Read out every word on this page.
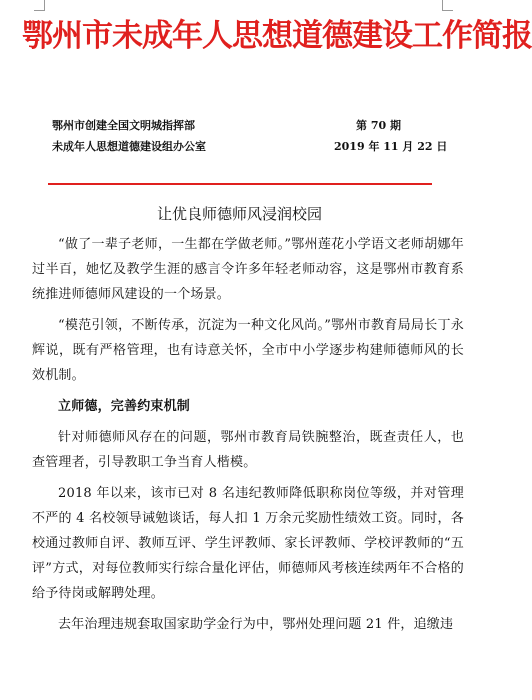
鄂州市未成年人思想道德建设工作简报
鄂州市创建全国文明城指挥部	第 70 期
未成年人思想道德建设组办公室	2019 年 11 月 22 日
让优良师德师风浸润校园

“做了一辈子老师，一生都在学做老师。”鄂州莲花小学语文老师胡娜年过半百，她忆及教学生涯的感言令许多年轻老师动容，这是鄂州市教育系统推进师德师风建设的一个场景。

“模范引领，不断传承，沉淀为一种文化风尚。”鄂州市教育局局长丁永辉说，既有严格管理，也有诗意关怀，全市中小学逐步构建师德师风的长效机制。

立师德，完善约束机制

针对师德师风存在的问题，鄂州市教育局铁腕整治，既查责任人，也查管理者，引导教职工争当育人楷模。

2018 年以来，该市已对 8 名违纪教师降低职称岗位等级，并对管理不严的 4 名校领导诫勉谈话，每人扣 1 万余元奖励性绩效工资。同时，各校通过教师自评、教师互评、学生评教师、家长评教师、学校评教师的“五评”方式，对每位教师实行综合量化评估，师德师风考核连续两年不合格的给予待岗或解聘处理。

去年治理违规套取国家助学金行为中，鄂州处理问题 21 件，追缴违
